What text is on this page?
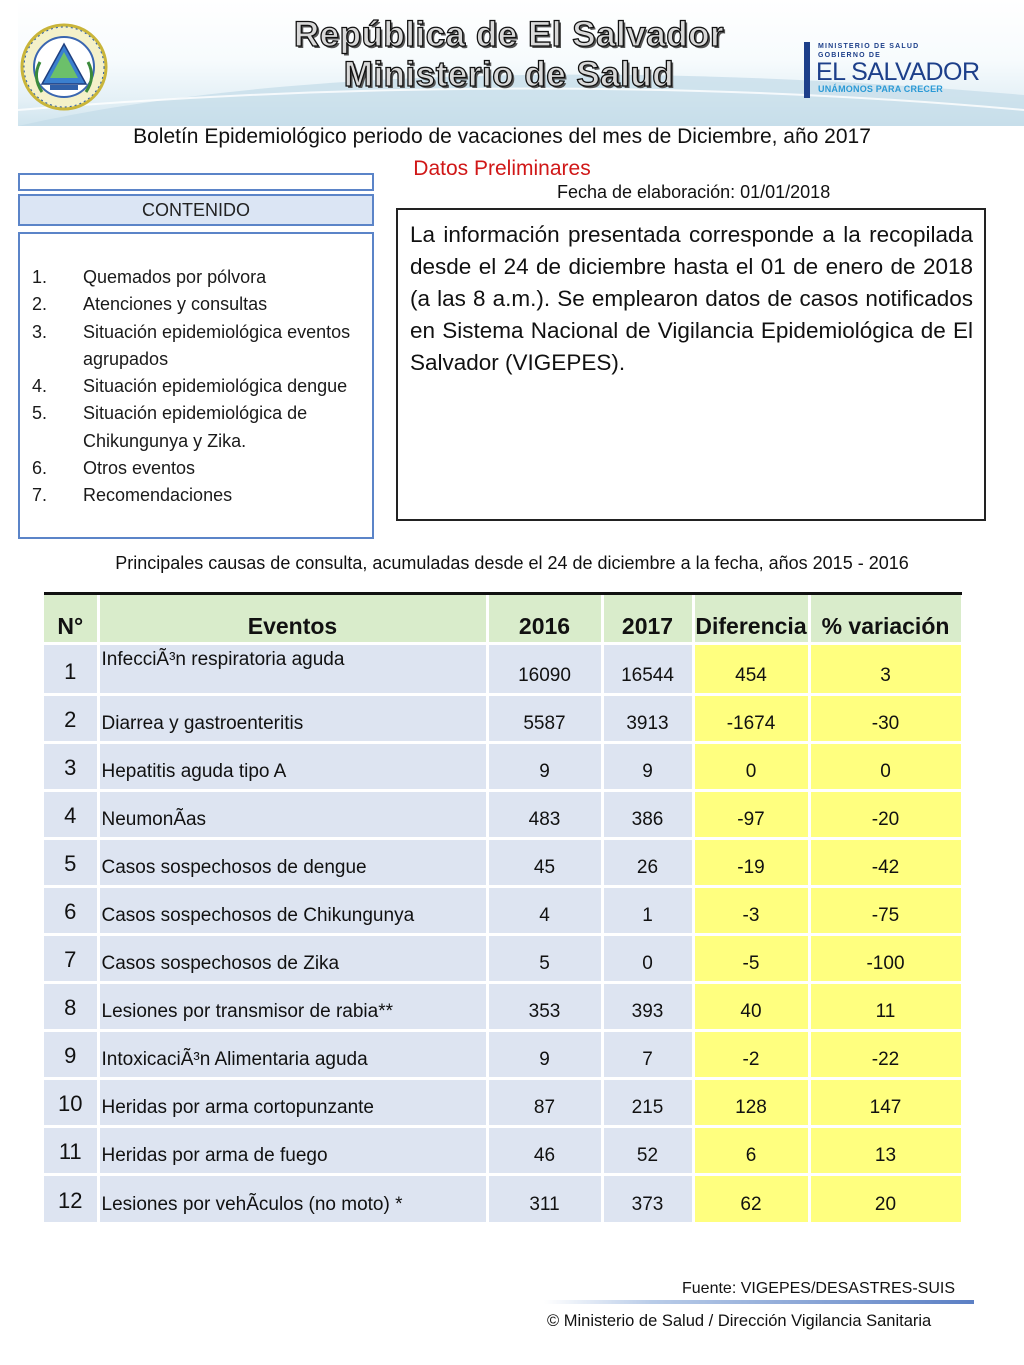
República de El Salvador
Ministerio de Salud
MINISTERIO DE SALUD
GOBIERNO DE
EL SALVADOR
UNÁMONOS PARA CRECER
Boletín Epidemiológico periodo de vacaciones del mes de Diciembre, año 2017
Datos Preliminares
Fecha de elaboración: 01/01/2018
CONTENIDO
1.	Quemados por pólvora
2.	Atenciones y consultas
3.	Situación epidemiológica eventos agrupados
4.	Situación epidemiológica dengue
5.	Situación epidemiológica de Chikungunya y Zika.
6.	Otros eventos
7.	Recomendaciones

La información presentada corresponde a la recopilada desde el 24 de diciembre hasta el 01 de enero de 2018 (a las 8 a.m.). Se emplearon datos de casos notificados en Sistema Nacional de Vigilancia Epidemiológica de El Salvador (VIGEPES).

Principales causas de consulta, acumuladas desde el 24 de diciembre a la fecha, años 2015 - 2016
N°	Eventos	2016	2017	Diferencia	% variación
1	InfecciÃ³n respiratoria aguda	16090	16544	454	3
2	Diarrea y gastroenteritis	5587	3913	-1674	-30
3	Hepatitis aguda tipo A	9	9	0	0
4	NeumonÃas	483	386	-97	-20
5	Casos sospechosos de dengue	45	26	-19	-42
6	Casos sospechosos de Chikungunya	4	1	-3	-75
7	Casos sospechosos de Zika	5	0	-5	-100
8	Lesiones por transmisor de rabia**	353	393	40	11
9	IntoxicaciÃ³n Alimentaria aguda	9	7	-2	-22
10	Heridas por arma cortopunzante	87	215	128	147
11	Heridas por arma de fuego	46	52	6	13
12	Lesiones por vehÃculos (no moto) *	311	373	62	20
Fuente: VIGEPES/DESASTRES-SUIS
© Ministerio de Salud / Dirección Vigilancia Sanitaria
